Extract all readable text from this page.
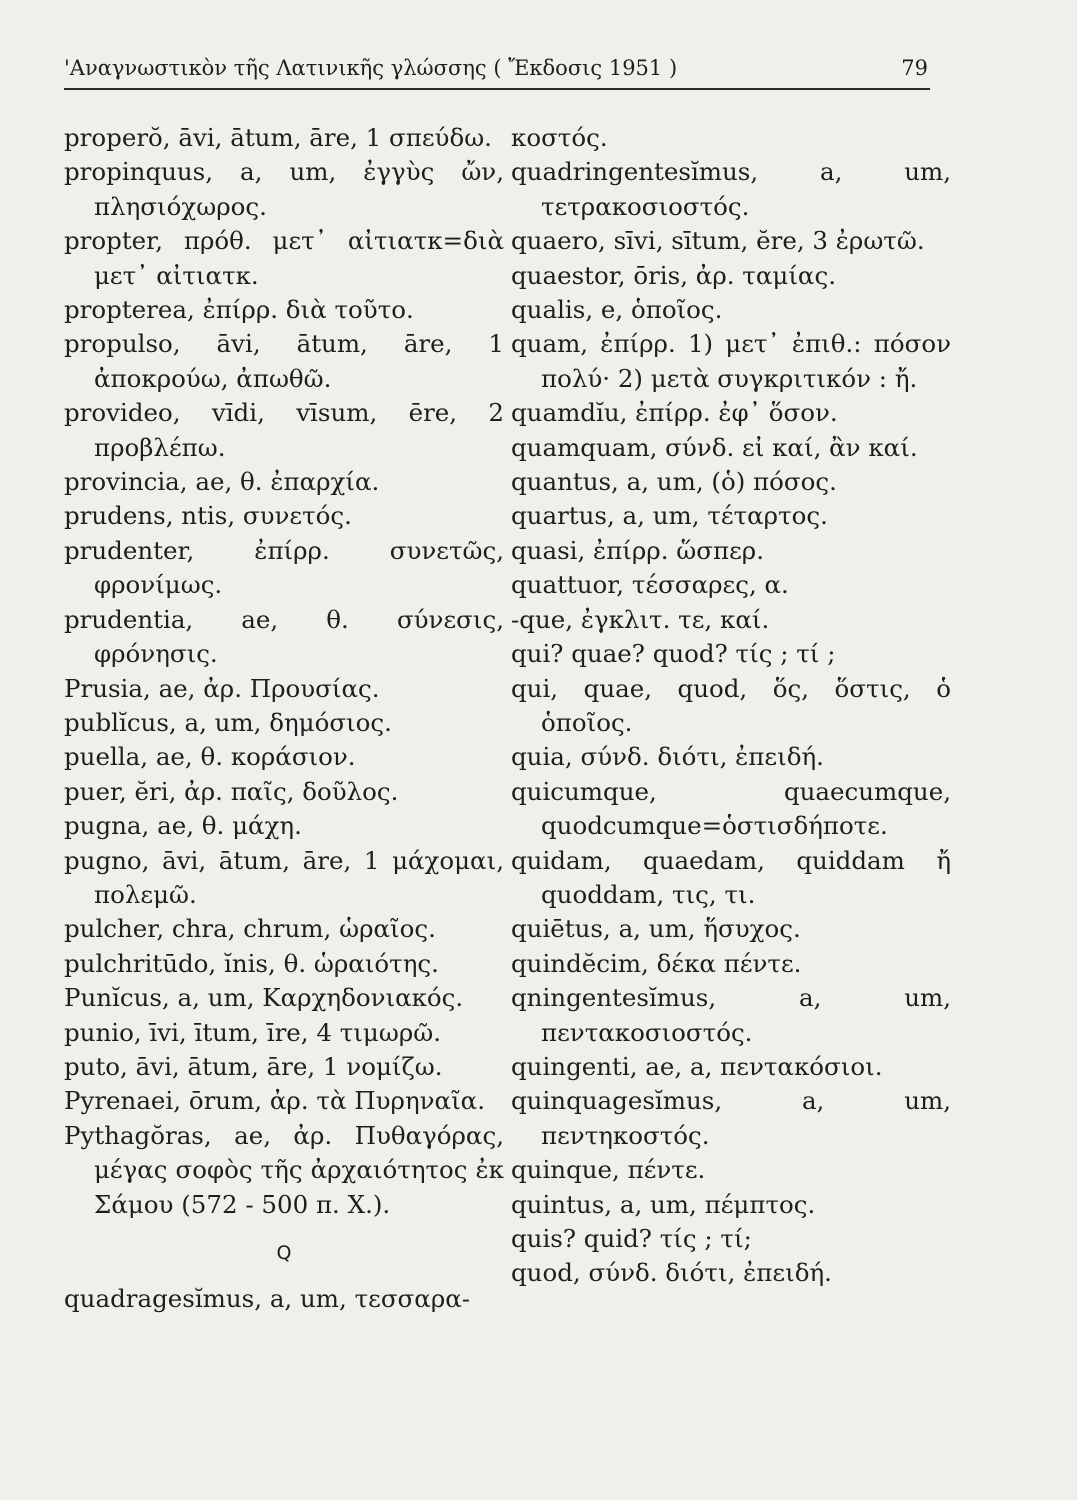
'Αναγνωστικὸν τῆς Λατινικῆς γλώσσης ( Ἔκδοσις 1951 )	79
properŏ, āvi, ātum, āre, 1 σπεύδω.
propinquus, a, um, ἐγγὺς ὤν, πλησιόχωρος.
propter, πρόθ. μετ᾽ αἰτιατκ=διὰ μετ᾽ αἰτιατκ.
propterea, ἐπίρρ. διὰ τοῦτο.
propulso, āvi, ātum, āre, 1 ἀποκρούω, ἀπωθῶ.
provideo, vīdi, vīsum, ēre, 2 προβλέπω.
provincia, ae, θ. ἐπαρχία.
prudens, ntis, συνετός.
prudenter, ἐπίρρ. συνετῶς, φρονίμως.
prudentia, ae, θ. σύνεσις, φρόνησις.
Prusia, ae, ἀρ. Προυσίας.
publĭcus, a, um, δημόσιος.
puella, ae, θ. κοράσιον.
puer, ĕri, ἀρ. παῖς, δοῦλος.
pugna, ae, θ. μάχη.
pugno, āvi, ātum, āre, 1 μάχομαι, πολεμῶ.
pulcher, chra, chrum, ὡραῖος.
pulchritūdo, ĭnis, θ. ὡραιότης.
Punĭcus, a, um, Καρχηδονιακός.
punio, īvi, ītum, īre, 4 τιμωρῶ.
puto, āvi, ātum, āre, 1 νομίζω.
Pyrenaei, ōrum, ἀρ. τὰ Πυρηναῖα.
Pythagŏras, ae, ἀρ. Πυθαγόρας, μέγας σοφὸς τῆς ἀρχαιότητος ἐκ Σάμου (572 - 500 π. Χ.).
Q
quadragesĭmus, a, um, τεσσαρα-
κοστός.
quadringentesĭmus, a, um, τετρακοσιοστός.
quaero, sīvi, sītum, ĕre, 3 ἐρωτῶ.
quaestor, ōris, ἀρ. ταμίας.
qualis, e, ὁποῖος.
quam, ἐπίρρ. 1) μετ᾽ ἐπιθ.: πόσον πολύ· 2) μετὰ συγκριτικόν : ἤ.
quamdĭu, ἐπίρρ. ἐφ᾽ ὅσον.
quamquam, σύνδ. εἰ καί, ἂν καί.
quantus, a, um, (ὁ) πόσος.
quartus, a, um, τέταρτος.
quasi, ἐπίρρ. ὥσπερ.
quattuor, τέσσαρες, α.
-que, ἐγκλιτ. τε, καί.
qui? quae? quod? τίς ; τί ;
qui, quae, quod, ὅς, ὅστις, ὁ ὁποῖος.
quia, σύνδ. διότι, ἐπειδή.
quicumque, quaecumque, quodcumque=ὁστισδήποτε.
quidam, quaedam, quiddam ἤ quoddam, τις, τι.
quiētus, a, um, ἥσυχος.
quindĕcim, δέκα πέντε.
qningentesĭmus, a, um, πεντακοσιοστός.
quingenti, ae, a, πεντακόσιοι.
quinquagesĭmus, a, um, πεντηκοστός.
quinque, πέντε.
quintus, a, um, πέμπτος.
quis? quid? τίς ; τί;
quod, σύνδ. διότι, ἐπειδή.
